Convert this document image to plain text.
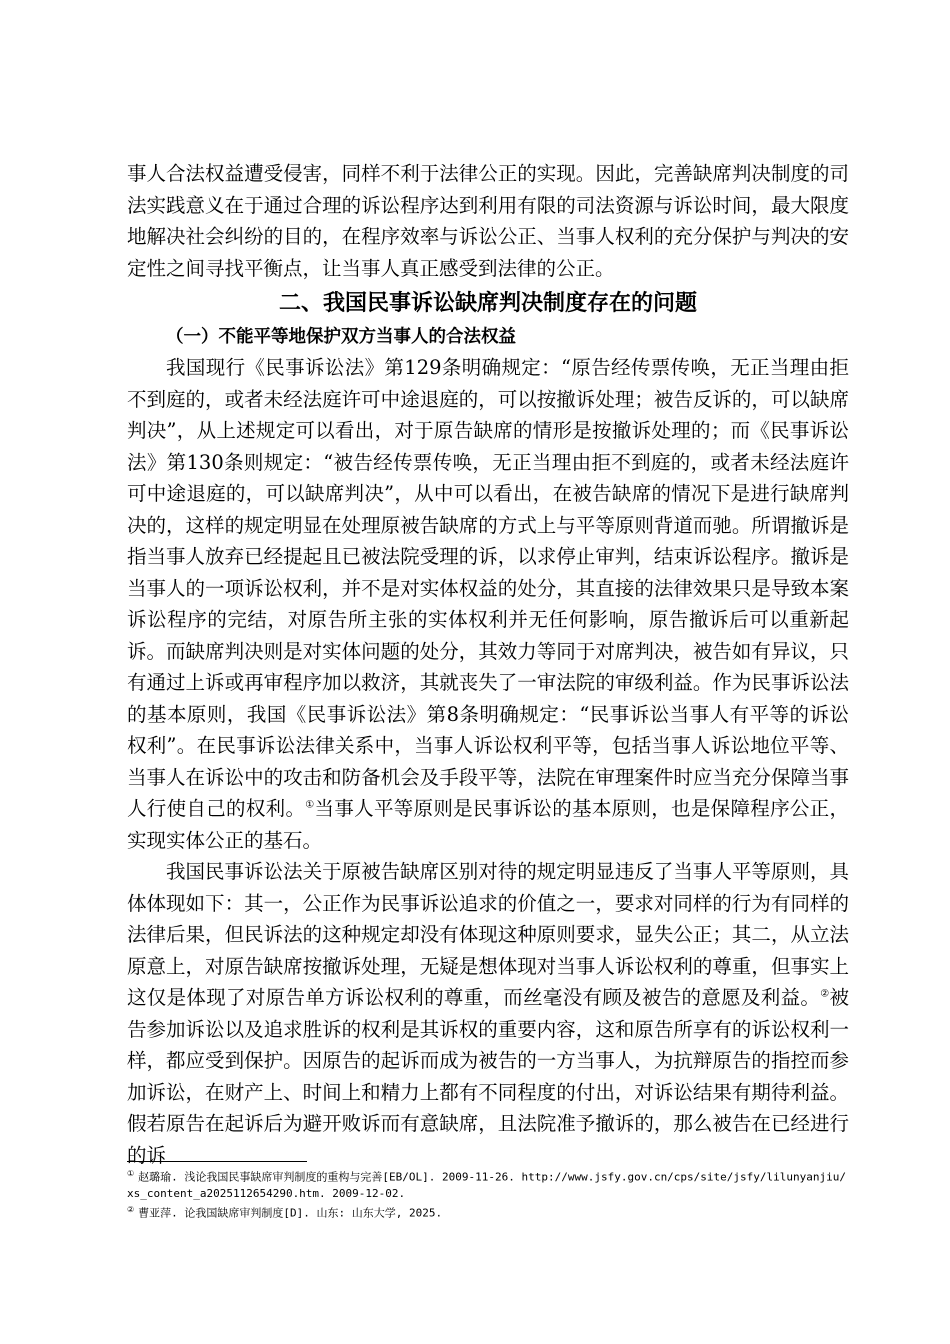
事人合法权益遭受侵害，同样不利于法律公正的实现。因此，完善缺席判决制度的司法实践意义在于通过合理的诉讼程序达到利用有限的司法资源与诉讼时间，最大限度地解决社会纠纷的目的，在程序效率与诉讼公正、当事人权利的充分保护与判决的安定性之间寻找平衡点，让当事人真正感受到法律的公正。

二、我国民事诉讼缺席判决制度存在的问题
（一）不能平等地保护双方当事人的合法权益

我国现行《民事诉讼法》第129条明确规定：“原告经传票传唤，无正当理由拒不到庭的，或者未经法庭许可中途退庭的，可以按撤诉处理；被告反诉的，可以缺席判决”，从上述规定可以看出，对于原告缺席的情形是按撤诉处理的；而《民事诉讼法》第130条则规定：“被告经传票传唤，无正当理由拒不到庭的，或者未经法庭许可中途退庭的，可以缺席判决”，从中可以看出，在被告缺席的情况下是进行缺席判决的，这样的规定明显在处理原被告缺席的方式上与平等原则背道而驰。所谓撤诉是指当事人放弃已经提起且已被法院受理的诉，以求停止审判，结束诉讼程序。撤诉是当事人的一项诉讼权利，并不是对实体权益的处分，其直接的法律效果只是导致本案诉讼程序的完结，对原告所主张的实体权利并无任何影响，原告撤诉后可以重新起诉。而缺席判决则是对实体问题的处分，其效力等同于对席判决，被告如有异议，只有通过上诉或再审程序加以救济，其就丧失了一审法院的审级利益。作为民事诉讼法的基本原则，我国《民事诉讼法》第8条明确规定：“民事诉讼当事人有平等的诉讼权利”。在民事诉讼法律关系中，当事人诉讼权利平等，包括当事人诉讼地位平等、当事人在诉讼中的攻击和防备机会及手段平等，法院在审理案件时应当充分保障当事人行使自己的权利。①当事人平等原则是民事诉讼的基本原则，也是保障程序公正，实现实体公正的基石。

我国民事诉讼法关于原被告缺席区别对待的规定明显违反了当事人平等原则，具体体现如下：其一，公正作为民事诉讼追求的价值之一，要求对同样的行为有同样的法律后果，但民诉法的这种规定却没有体现这种原则要求，显失公正；其二，从立法原意上，对原告缺席按撤诉处理，无疑是想体现对当事人诉讼权利的尊重，但事实上这仅是体现了对原告单方诉讼权利的尊重，而丝毫没有顾及被告的意愿及利益。②被告参加诉讼以及追求胜诉的权利是其诉权的重要内容，这和原告所享有的诉讼权利一样，都应受到保护。因原告的起诉而成为被告的一方当事人，为抗辩原告的指控而参加诉讼，在财产上、时间上和精力上都有不同程度的付出，对诉讼结果有期待利益。假若原告在起诉后为避开败诉而有意缺席，且法院准予撤诉的，那么被告在已经进行的诉

① 赵璐瑜. 浅论我国民事缺席审判制度的重构与完善[EB/OL]. 2009-11-26. http://www.jsfy.gov.cn/cps/site/jsfy/lilunyanjiu/xs_content_a2025112654290.htm. 2009-12-02.

② 曹亚萍. 论我国缺席审判制度[D]. 山东: 山东大学, 2025.
